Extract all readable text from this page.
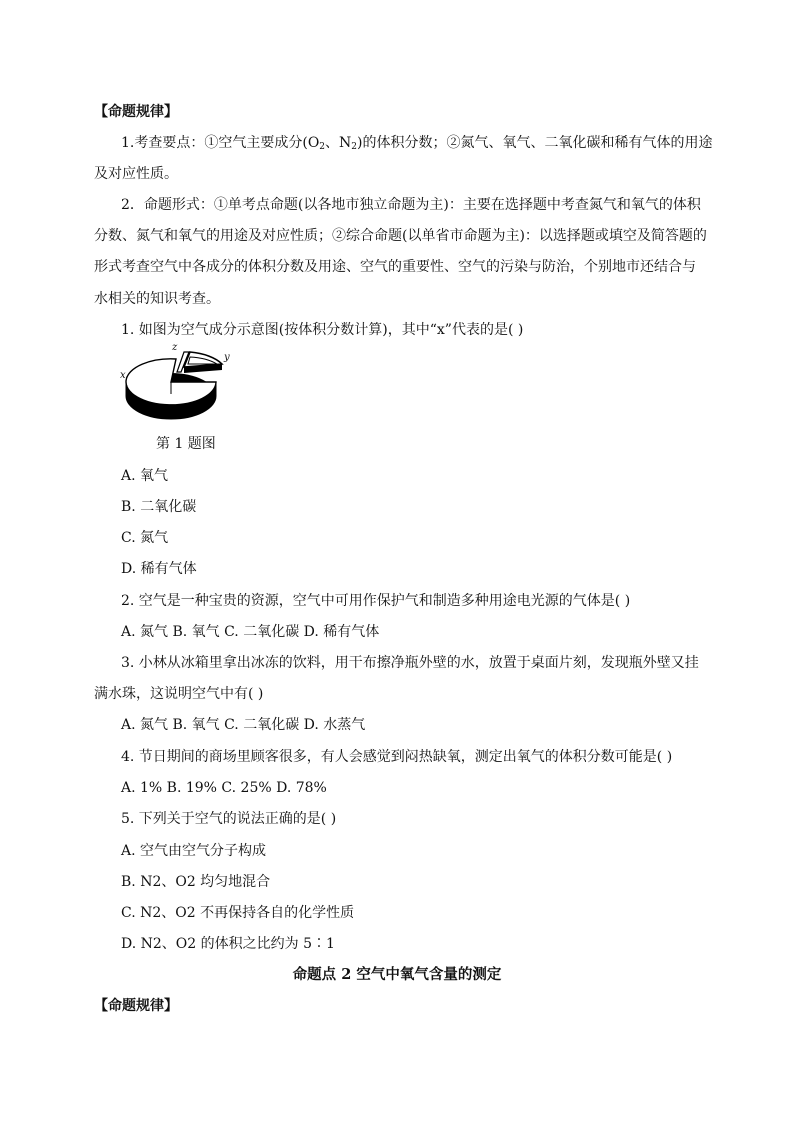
【命题规律】
1.考查要点：①空气主要成分($O_2$、$N_2$)的体积分数；②氮气、氧气、二氧化碳和稀有气体的用途
及对应性质。
2．命题形式：①单考点命题(以各地市独立命题为主)：主要在选择题中考查氮气和氧气的体积
分数、氮气和氧气的用途及对应性质；②综合命题(以单省市命题为主)：以选择题或填空及简答题的
形式考查空气中各成分的体积分数及用途、空气的重要性、空气的污染与防治，个别地市还结合与
水相关的知识考查。
1. 如图为空气成分示意图(按体积分数计算)，其中“x”代表的是( )
x
z
y
第 1 题图
A. 氧气
B. 二氧化碳
C. 氮气
D. 稀有气体
2. 空气是一种宝贵的资源，空气中可用作保护气和制造多种用途电光源的气体是( )
A. 氮气 B. 氧气 C. 二氧化碳 D. 稀有气体
3. 小林从冰箱里拿出冰冻的饮料，用干布擦净瓶外壁的水，放置于桌面片刻，发现瓶外壁又挂
满水珠，这说明空气中有( )
A. 氮气 B. 氧气 C. 二氧化碳 D. 水蒸气
4. 节日期间的商场里顾客很多，有人会感觉到闷热缺氧，测定出氧气的体积分数可能是( )
A. 1% B. 19% C. 25% D. 78%
5. 下列关于空气的说法正确的是( )
A. 空气由空气分子构成
B. N2、O2 均匀地混合
C. N2、O2 不再保持各自的化学性质
D. N2、O2 的体积之比约为 5∶1
命题点 2 空气中氧气含量的测定
【命题规律】
